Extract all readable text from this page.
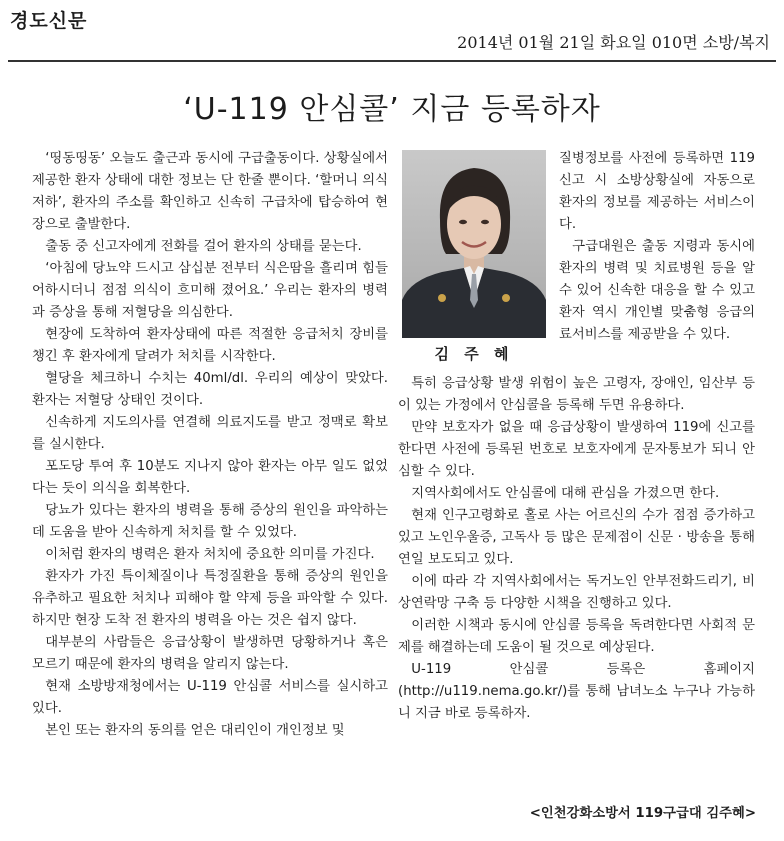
경도신문
2014년 01월 21일 화요일 010면 소방/복지
‘U-119 안심콜’ 지금 등록하자

‘띵동띵동’ 오늘도 출근과 동시에 구급출동이다. 상황실에서 제공한 환자 상태에 대한 정보는 단 한줄 뿐이다. ‘할머니 의식저하’, 환자의 주소를 확인하고 신속히 구급차에 탑승하여 현장으로 출발한다.

출동 중 신고자에게 전화를 걸어 환자의 상태를 묻는다.

‘아침에 당뇨약 드시고 삼십분 전부터 식은땀을 흘리며 힘들어하시더니 점점 의식이 흐미해 졌어요.’ 우리는 환자의 병력과 증상을 통해 저혈당을 의심한다.

현장에 도착하여 환자상태에 따른 적절한 응급처치 장비를 챙긴 후 환자에게 달려가 처치를 시작한다.

혈당을 체크하니 수치는 40ml/dl. 우리의 예상이 맞았다. 환자는 저혈당 상태인 것이다.

신속하게 지도의사를 연결해 의료지도를 받고 정맥로 확보를 실시한다.

포도당 투여 후 10분도 지나지 않아 환자는 아무 일도 없었다는 듯이 의식을 회복한다.

당뇨가 있다는 환자의 병력을 통해 증상의 원인을 파악하는데 도움을 받아 신속하게 처치를 할 수 있었다.

이처럼 환자의 병력은 환자 처치에 중요한 의미를 가진다.

환자가 가진 특이체질이나 특정질환을 통해 증상의 원인을 유추하고 필요한 처치나 피해야 할 약제 등을 파악할 수 있다. 하지만 현장 도착 전 환자의 병력을 아는 것은 쉽지 않다.

대부분의 사람들은 응급상황이 발생하면 당황하거나 혹은 모르기 때문에 환자의 병력을 알리지 않는다.

현재 소방방재청에서는 U-119 안심콜 서비스를 실시하고 있다.

본인 또는 환자의 동의를 얻은 대리인이 개인정보 및

김 주 혜

질병정보를 사전에 등록하면 119신고 시 소방상황실에 자동으로 환자의 정보를 제공하는 서비스이다.

구급대원은 출동 지령과 동시에 환자의 병력 및 치료병원 등을 알 수 있어 신속한 대응을 할 수 있고 환자 역시 개인별 맞춤형 응급의료서비스를 제공받을 수 있다.

특히 응급상황 발생 위험이 높은 고령자, 장애인, 임산부 등이 있는 가정에서 안심콜을 등록해 두면 유용하다.

만약 보호자가 없을 때 응급상황이 발생하여 119에 신고를 한다면 사전에 등록된 번호로 보호자에게 문자통보가 되니 안심할 수 있다.

지역사회에서도 안심콜에 대해 관심을 가졌으면 한다.

현재 인구고령화로 홀로 사는 어르신의 수가 점점 증가하고 있고 노인우울증, 고독사 등 많은 문제점이 신문 · 방송을 통해 연일 보도되고 있다.

이에 따라 각 지역사회에서는 독거노인 안부전화드리기, 비상연락망 구축 등 다양한 시책을 진행하고 있다.

이러한 시책과 동시에 안심콜 등록을 독려한다면 사회적 문제를 해결하는데 도움이 될 것으로 예상된다.

U-119 안심콜 등록은 홈페이지(http://u119.nema.go.kr/)를 통해 남녀노소 누구나 가능하니 지금 바로 등록하자.

<인천강화소방서 119구급대 김주혜>
